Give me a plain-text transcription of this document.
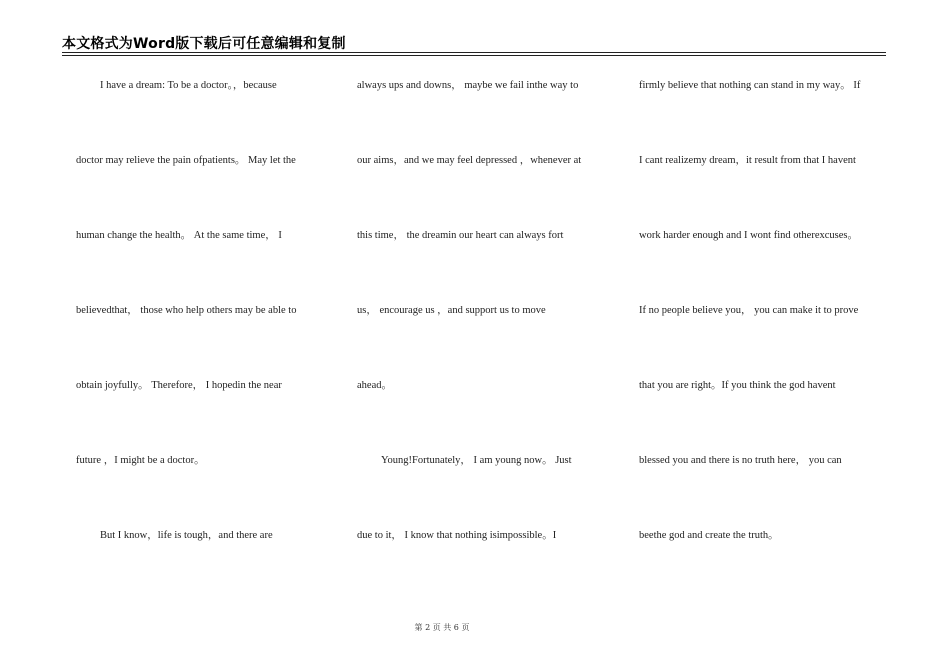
本文格式为Word版下载后可任意编辑和复制
I have a dream: To be a doctor。，because
doctor may relieve the pain ofpatients。 May let the
human change the health。 At the same time， I
believedthat， those who help others may be able to
obtain joyfully。 Therefore， I hopedin the near
future ，I might be a doctor。
But I know，life is tough，and there are
always ups and downs， maybe we fail inthe way to
our aims，and we may feel depressed ，whenever at
this time， the dreamin our heart can always fort
us， encourage us ，and support us to move
ahead。
Young!Fortunately， I am young now。 Just
due to it， I know that nothing isimpossible。I
firmly believe that nothing can stand in my way。 If
I cant realizemy dream，it result from that I havent
work harder enough and I wont find otherexcuses。
If no people believe you， you can make it to prove
that you are right。If you think the god havent
blessed you and there is no truth here， you can
beethe god and create the truth。
第 2 页 共 6 页
